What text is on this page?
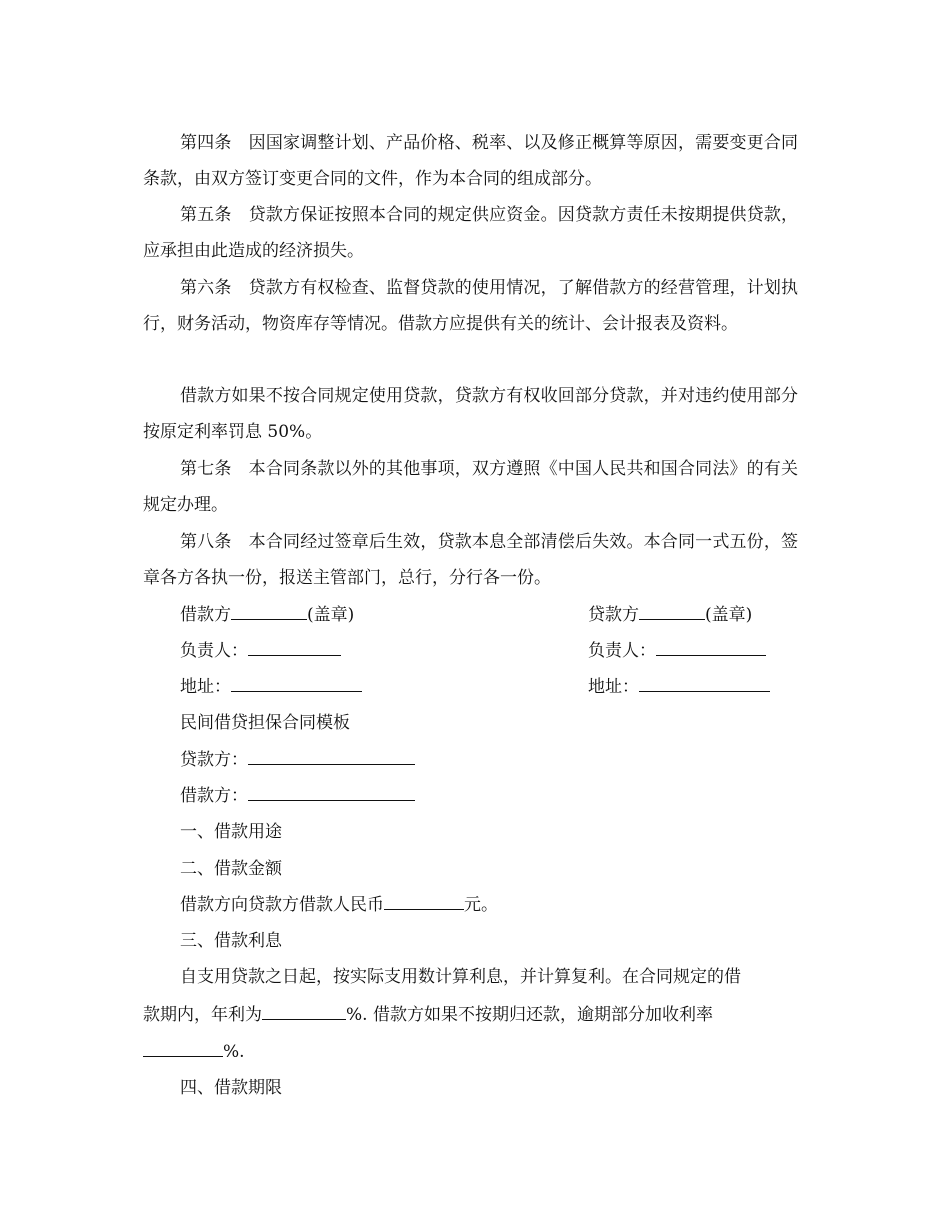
第四条　因国家调整计划、产品价格、税率、以及修正概算等原因，需要变更合同条款，由双方签订变更合同的文件，作为本合同的组成部分。
第五条　贷款方保证按照本合同的规定供应资金。因贷款方责任未按期提供贷款，应承担由此造成的经济损失。
第六条　贷款方有权检查、监督贷款的使用情况，了解借款方的经营管理，计划执行，财务活动，物资库存等情况。借款方应提供有关的统计、会计报表及资料。
借款方如果不按合同规定使用贷款，贷款方有权收回部分贷款，并对违约使用部分按原定利率罚息 50%。
第七条　本合同条款以外的其他事项，双方遵照《中国人民共和国合同法》的有关规定办理。
第八条　本合同经过签章后生效，贷款本息全部清偿后失效。本合同一式五份，签章各方各执一份，报送主管部门，总行，分行各一份。
借款方	(盖章)	贷款方	(盖章)
负责人：	负责人：
地址：	地址：
民间借贷担保合同模板
贷款方：
借款方：
一、借款用途
二、借款金额
借款方向贷款方借款人民币	元。
三、借款利息
自支用贷款之日起，按实际支用数计算利息，并计算复利。在合同规定的借
款期内，年利为	%. 借款方如果不按期归还款，逾期部分加收利率
%.
四、借款期限
